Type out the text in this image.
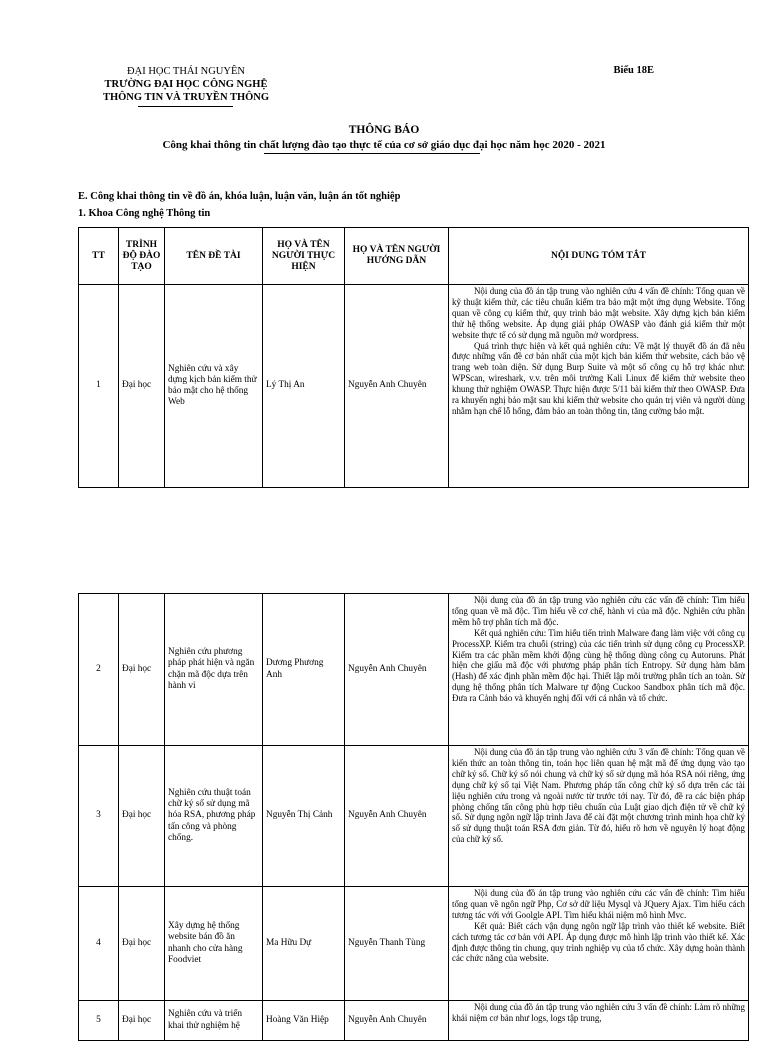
ĐẠI HỌC THÁI NGUYÊN
TRƯỜNG ĐẠI HỌC CÔNG NGHỆ
THÔNG TIN VÀ TRUYỀN THÔNG
Biểu 18E
THÔNG BÁO
Công khai thông tin chất lượng đào tạo thực tế của cơ sở giáo dục đại học năm học 2020 - 2021
E. Công khai thông tin về đồ án, khóa luận, luận văn, luận án tốt nghiệp
1. Khoa Công nghệ Thông tin
TT	TRÌNH ĐỘ ĐÀO TẠO	TÊN ĐỀ TÀI	HỌ VÀ TÊN NGƯỜI THỰC HIỆN	HỌ VÀ TÊN NGƯỜI HƯỚNG DẪN	NỘI DUNG TÓM TẮT
1	Đại học	Nghiên cứu và xây dựng kịch bản kiểm thử bảo mật cho hệ thống Web	Lý Thị An	Nguyễn Anh Chuyên	Nội dung của đồ án tập trung vào nghiên cứu 4 vấn đề chính: Tổng quan về kỹ thuật kiểm thử, các tiêu chuẩn kiểm tra bảo mật một ứng dụng Website. Tổng quan về công cụ kiểm thử, quy trình bảo mật website. Xây dựng kịch bản kiểm thử hệ thống website. Áp dụng giải pháp OWASP vào đánh giá kiểm thử một website thực tế có sử dụng mã nguồn mở wordpress.

Quá trình thực hiện và kết quả nghiên cứu: Về mặt lý thuyết đồ án đã nêu được những vấn đề cơ bản nhất của một kịch bản kiểm thử website, cách bảo vệ trang web toàn diện. Sử dụng Burp Suite và một số công cụ hỗ trợ khác như: WPScan, wireshark, v.v. trên môi trường Kali Linux để kiểm thử website theo khung thử nghiệm OWASP. Thực hiện được 5/11 bài kiểm thử theo OWASP. Đưa ra khuyến nghị bảo mật sau khi kiểm thử website cho quản trị viên và người dùng nhằm hạn chế lỗ hổng, đảm bảo an toàn thông tin, tăng cường bảo mật.

2	Đại học	Nghiên cứu phương pháp phát hiện và ngăn chặn mã độc dựa trên hành vi	Dương Phương Anh	Nguyễn Anh Chuyên	Nội dung của đồ án tập trung vào nghiên cứu các vấn đề chính: Tìm hiểu tổng quan về mã độc. Tìm hiểu về cơ chế, hành vi của mã độc. Nghiên cứu phần mềm hỗ trợ phân tích mã độc.

Kết quả nghiên cứu: Tìm hiểu tiến trình Malware đang làm việc với công cụ ProcessXP. Kiểm tra chuỗi (string) của các tiến trình sử dụng công cụ ProcessXP. Kiểm tra các phần mềm khởi động cùng hệ thống dùng công cụ Autoruns. Phát hiện che giấu mã độc với phương pháp phân tích Entropy. Sử dụng hàm băm (Hash) để xác định phần mềm độc hại. Thiết lập môi trường phân tích an toàn. Sử dụng hệ thống phân tích Malware tự động Cuckoo Sandbox phân tích mã độc. Đưa ra Cảnh báo và khuyến nghị đối với cá nhân và tổ chức.

3	Đại học	Nghiên cứu thuật toán chữ ký số sử dụng mã hóa RSA, phương pháp tấn công và phòng chống.	Nguyễn Thị Cảnh	Nguyễn Anh Chuyên	Nội dung của đồ án tập trung vào nghiên cứu 3 vấn đề chính: Tổng quan về kiến thức an toàn thông tin, toán học liên quan hệ mật mã để ứng dụng vào tạo chữ ký số. Chữ ký số nói chung và chữ ký số sử dụng mã hóa RSA nói riêng, ứng dụng chữ ký số tại Việt Nam. Phương pháp tấn công chữ ký số dựa trên các tài liệu nghiên cứu trong và ngoài nước từ trước tới nay. Từ đó, đề ra các biện pháp phòng chống tấn công phù hợp tiêu chuẩn của Luật giao dịch điện tử về chữ ký số. Sử dụng ngôn ngữ lập trình Java để cài đặt một chương trình minh họa chữ ký số sử dụng thuật toán RSA đơn giản. Từ đó, hiểu rõ hơn về nguyên lý hoạt động của chữ ký số.

4	Đại học	Xây dựng hệ thống website bán đồ ăn nhanh cho cửa hàng Foodviet	Ma Hữu Dự	Nguyễn Thanh Tùng	Nội dung của đồ án tập trung vào nghiên cứu các vấn đề chính: Tìm hiểu tổng quan về ngôn ngữ Php, Cơ sở dữ liệu Mysql và JQuery Ajax. Tìm hiểu cách tương tác với với Goolgle API. Tìm hiểu khái niệm mô hình Mvc.

Kết quả: Biết cách vận dụng ngôn ngữ lập trình vào thiết kế website. Biết cách tương tác cơ bản với API. Áp dụng được mô hình lập trình vào thiết kế. Xác định được thông tin chung, quy trình nghiệp vụ của tổ chức. Xây dựng hoàn thành các chức năng của website.

5	Đại học	Nghiên cứu và triển khai thử nghiệm hệ	Hoàng Văn Hiệp	Nguyễn Anh Chuyên	Nội dung của đồ án tập trung vào nghiên cứu 3 vấn đề chính: Làm rõ những khái niệm cơ bản như logs, logs tập trung,
